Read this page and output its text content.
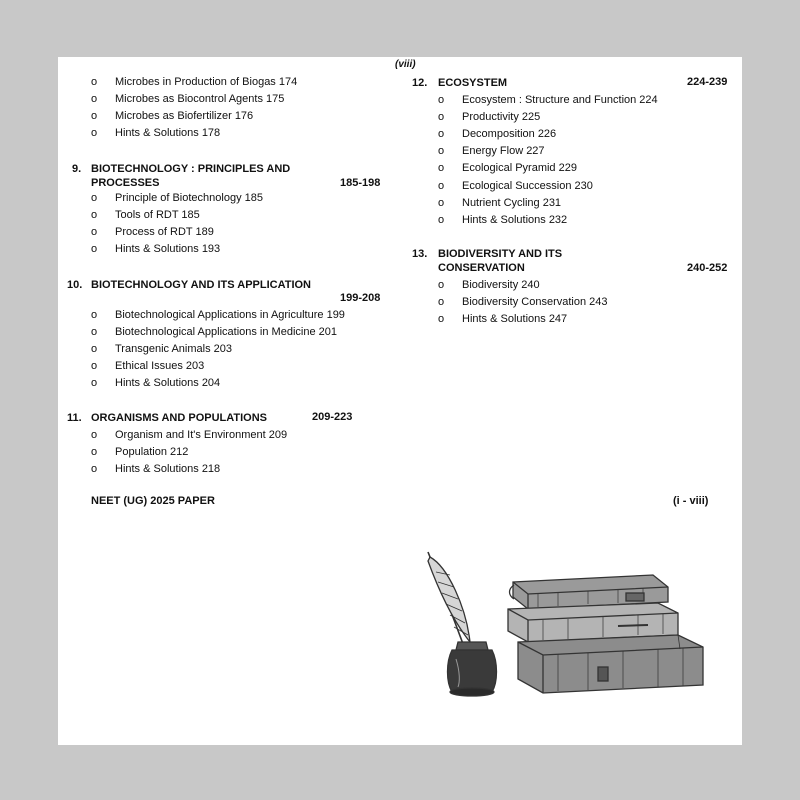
(viii)
o Microbes in Production of Biogas 174
o Microbes as Biocontrol Agents 175
o Microbes as Biofertilizer 176
o Hints & Solutions 178
9. BIOTECHNOLOGY : PRINCIPLES AND
PROCESSES	185-198
o Principle of Biotechnology 185
o Tools of RDT 185
o Process of RDT 189
o Hints & Solutions 193
10. BIOTECHNOLOGY AND ITS APPLICATION
199-208
o Biotechnological Applications in Agriculture 199
o Biotechnological Applications in Medicine 201
o Transgenic Animals 203
o Ethical Issues 203
o Hints & Solutions 204
11. ORGANISMS AND POPULATIONS	209-223
o Organism and It's Environment 209
o Population 212
o Hints & Solutions 218
12. ECOSYSTEM	224-239
o Ecosystem : Structure and Function 224
o Productivity 225
o Decomposition 226
o Energy Flow 227
o Ecological Pyramid 229
o Ecological Succession 230
o Nutrient Cycling 231
o Hints & Solutions 232
13. BIODIVERSITY AND ITS
CONSERVATION	240-252
o Biodiversity 240
o Biodiversity Conservation 243
o Hints & Solutions 247
NEET (UG) 2025 PAPER	(i - viii)
